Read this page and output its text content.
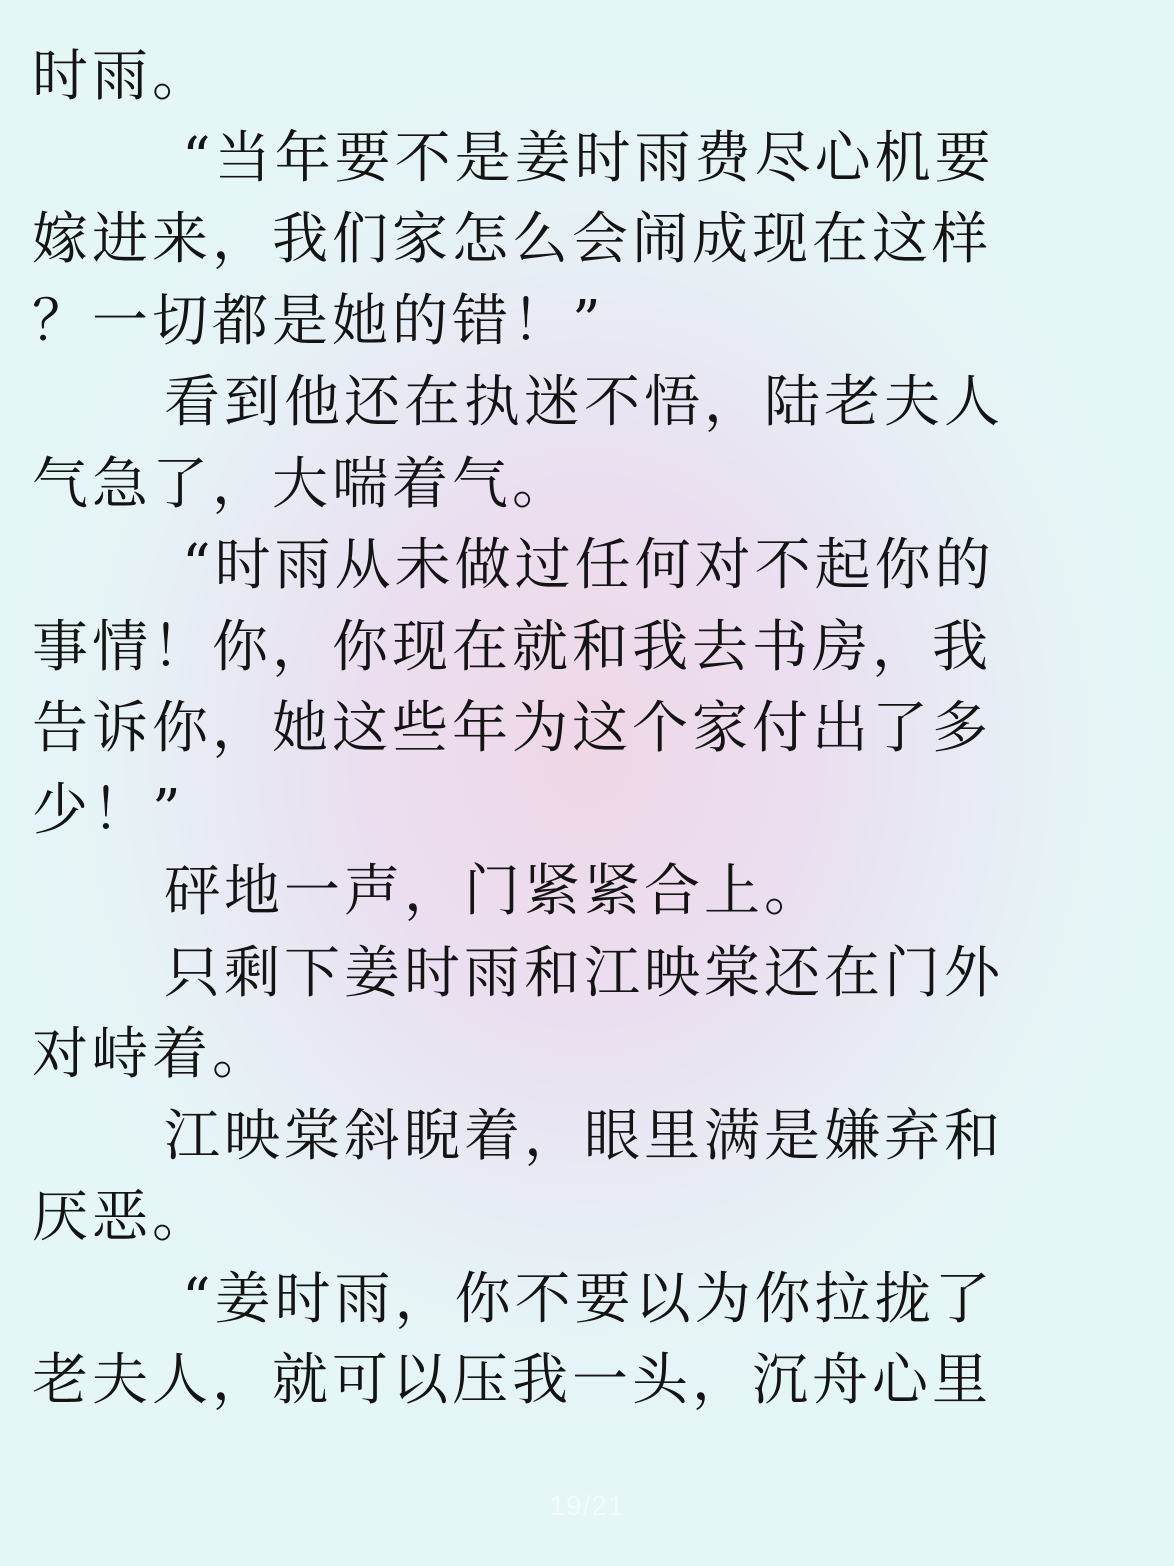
时雨。
“当年要不是姜时雨费尽心机要
嫁进来，我们家怎么会闹成现在这样
？一切都是她的错！”
看到他还在执迷不悟，陆老夫人
气急了，大喘着气。
“时雨从未做过任何对不起你的
事情！你，你现在就和我去书房，我
告诉你，她这些年为这个家付出了多
少！”
砰地一声，门紧紧合上。
只剩下姜时雨和江映棠还在门外
对峙着。
江映棠斜睨着，眼里满是嫌弃和
厌恶。
“姜时雨，你不要以为你拉拢了
老夫人，就可以压我一头，沉舟心里
19/21
